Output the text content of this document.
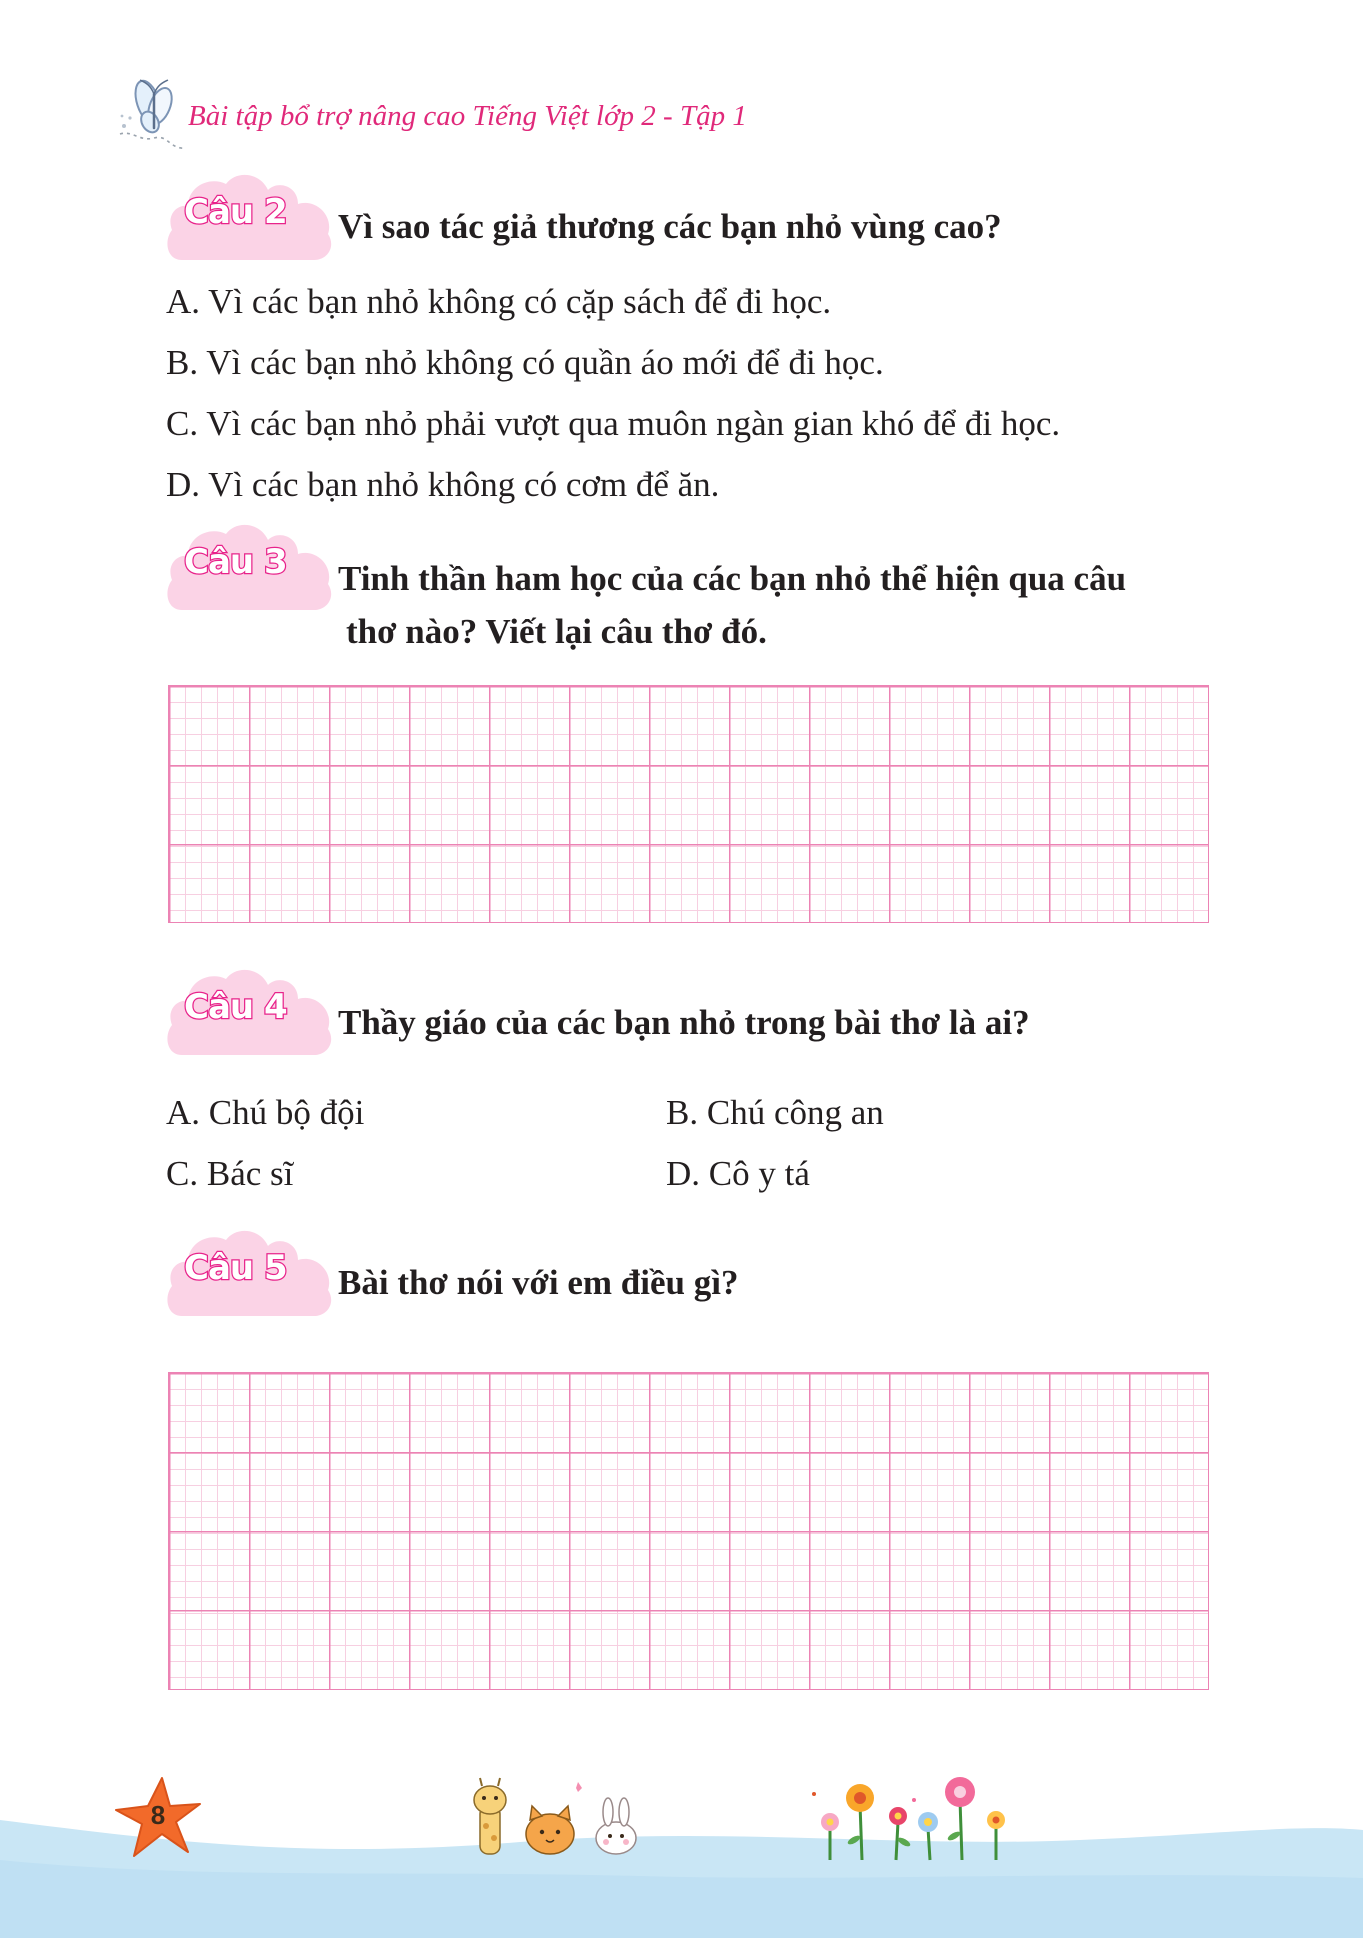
Bài tập bổ trợ nâng cao Tiếng Việt lớp 2 - Tập 1
Câu 2 Vì sao tác giả thương các bạn nhỏ vùng cao?
A. Vì các bạn nhỏ không có cặp sách để đi học.
B. Vì các bạn nhỏ không có quần áo mới để đi học.
C. Vì các bạn nhỏ phải vượt qua muôn ngàn gian khó để đi học.
D. Vì các bạn nhỏ không có cơm để ăn.
Câu 3 Tinh thần ham học của các bạn nhỏ thể hiện qua câu
thơ nào? Viết lại câu thơ đó.
Câu 4 Thầy giáo của các bạn nhỏ trong bài thơ là ai?
A. Chú bộ đội	B. Chú công an
C. Bác sĩ	D. Cô y tá
Câu 5 Bài thơ nói với em điều gì?
8
